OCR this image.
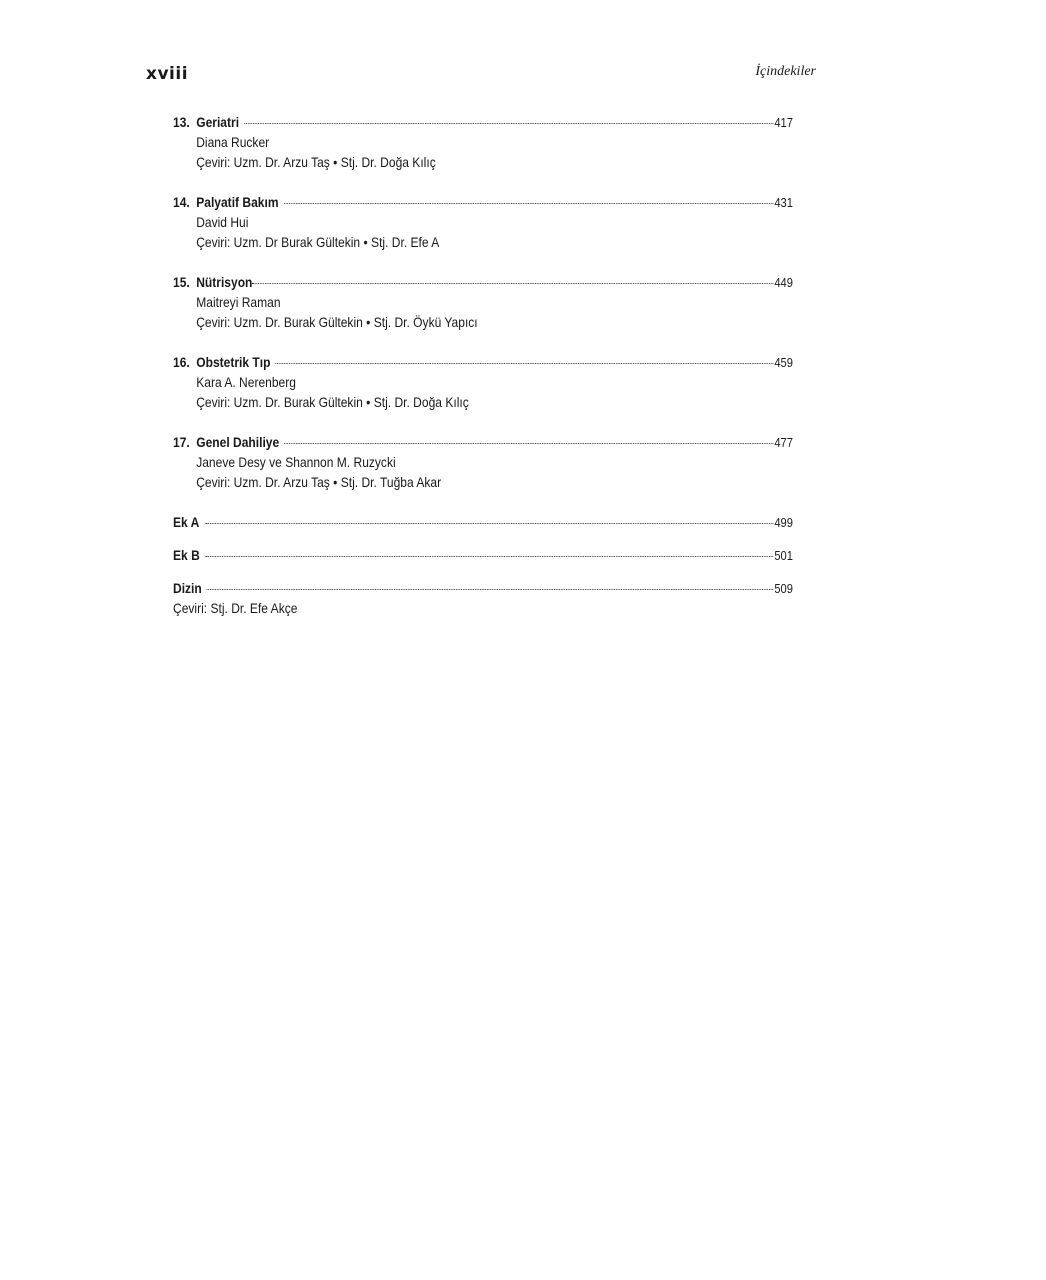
xviii	İçindekiler
13. Geriatri	417
Diana Rucker
Çeviri: Uzm. Dr. Arzu Taş • Stj. Dr. Doğa Kılıç
14. Palyatif Bakım	431
David Hui
Çeviri: Uzm. Dr Burak Gültekin • Stj. Dr. Efe A
15. Nütrisyon	449
Maitreyi Raman
Çeviri: Uzm. Dr. Burak Gültekin • Stj. Dr. Öykü Yapıcı
16. Obstetrik Tıp	459
Kara A. Nerenberg
Çeviri: Uzm. Dr. Burak Gültekin • Stj. Dr. Doğa Kılıç
17. Genel Dahiliye	477
Janeve Desy ve Shannon M. Ruzycki
Çeviri: Uzm. Dr. Arzu Taş • Stj. Dr. Tuğba Akar
Ek A	499
Ek B	501
Dizin	509
Çeviri: Stj. Dr. Efe Akçe
